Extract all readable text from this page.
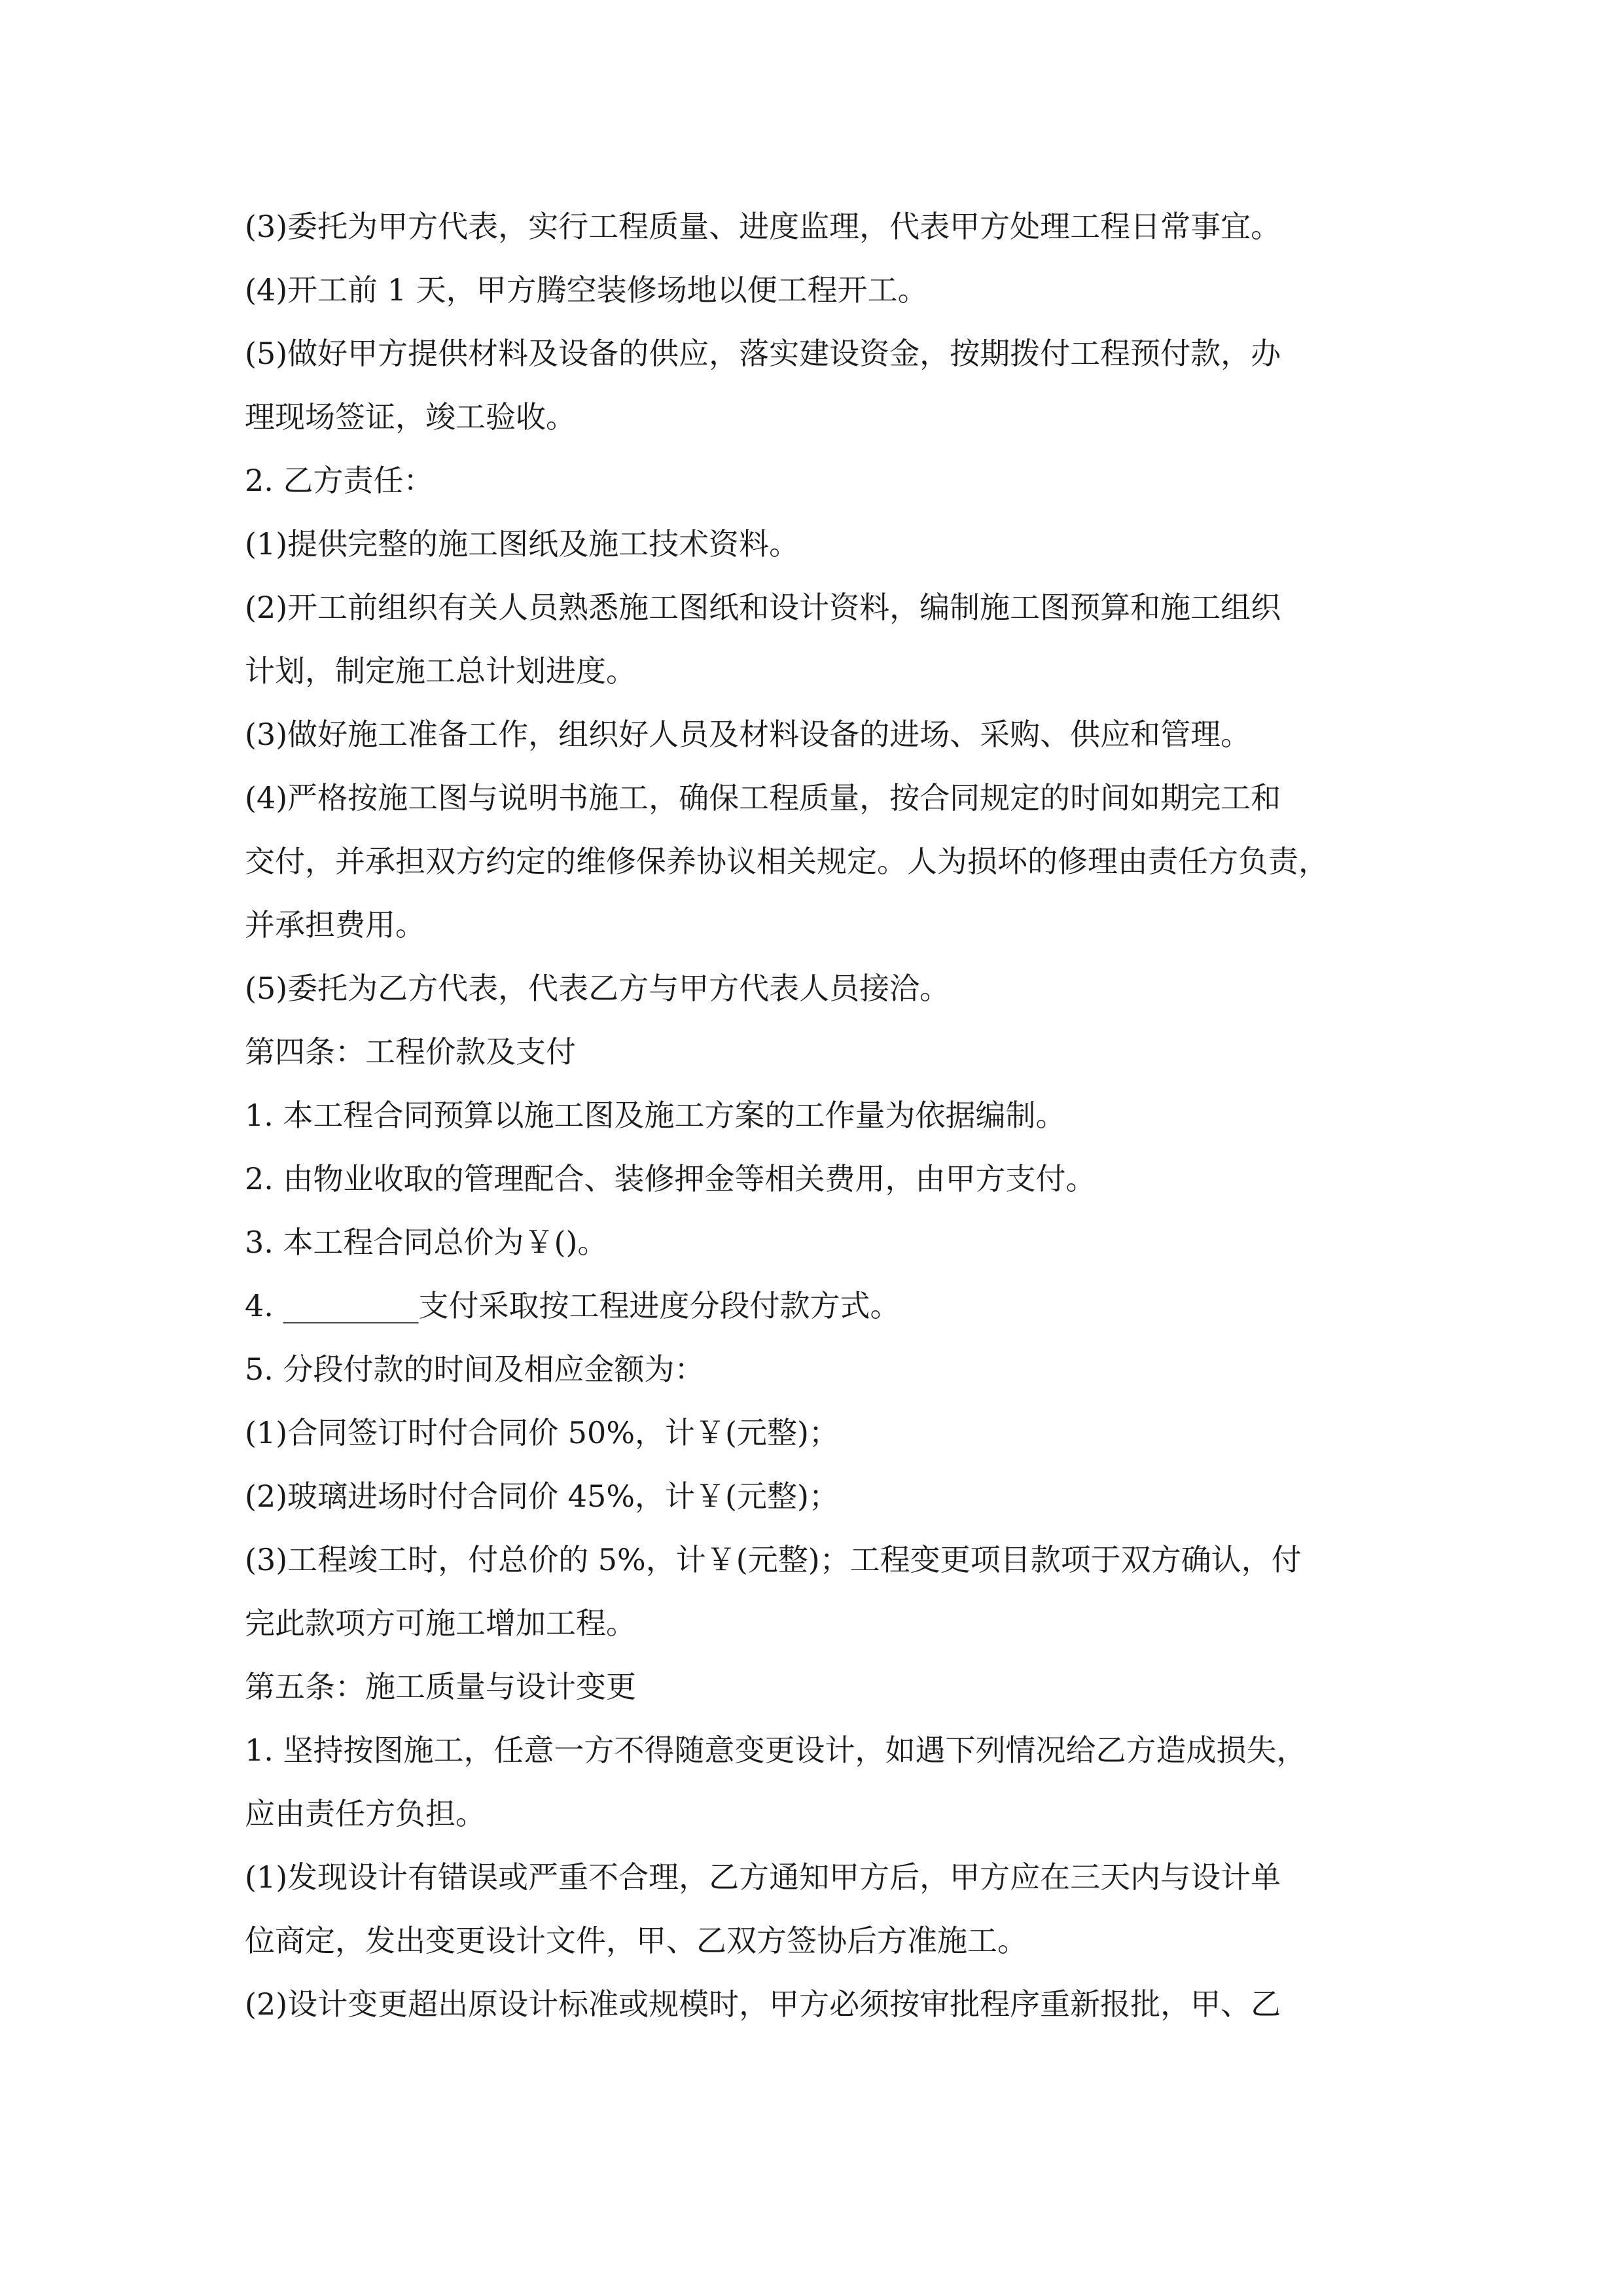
(3)委托为甲方代表，实行工程质量、进度监理，代表甲方处理工程日常事宜。

(4)开工前 1 天，甲方腾空装修场地以便工程开工。

(5)做好甲方提供材料及设备的供应，落实建设资金，按期拨付工程预付款，办

理现场签证，竣工验收。

2. 乙方责任：

(1)提供完整的施工图纸及施工技术资料。

(2)开工前组织有关人员熟悉施工图纸和设计资料，编制施工图预算和施工组织

计划，制定施工总计划进度。

(3)做好施工准备工作，组织好人员及材料设备的进场、采购、供应和管理。

(4)严格按施工图与说明书施工，确保工程质量，按合同规定的时间如期完工和

交付，并承担双方约定的维修保养协议相关规定。人为损坏的修理由责任方负责，

并承担费用。

(5)委托为乙方代表，代表乙方与甲方代表人员接洽。

第四条：工程价款及支付

1. 本工程合同预算以施工图及施工方案的工作量为依据编制。

2. 由物业收取的管理配合、装修押金等相关费用，由甲方支付。

3. 本工程合同总价为￥()。

4. _________支付采取按工程进度分段付款方式。

5. 分段付款的时间及相应金额为：

(1)合同签订时付合同价 50%，计￥(元整)；

(2)玻璃进场时付合同价 45%，计￥(元整)；

(3)工程竣工时，付总价的 5%，计￥(元整)；工程变更项目款项于双方确认，付

完此款项方可施工增加工程。

第五条：施工质量与设计变更

1. 坚持按图施工，任意一方不得随意变更设计，如遇下列情况给乙方造成损失，

应由责任方负担。

(1)发现设计有错误或严重不合理，乙方通知甲方后，甲方应在三天内与设计单

位商定，发出变更设计文件，甲、乙双方签协后方准施工。

(2)设计变更超出原设计标准或规模时，甲方必须按审批程序重新报批，甲、乙
